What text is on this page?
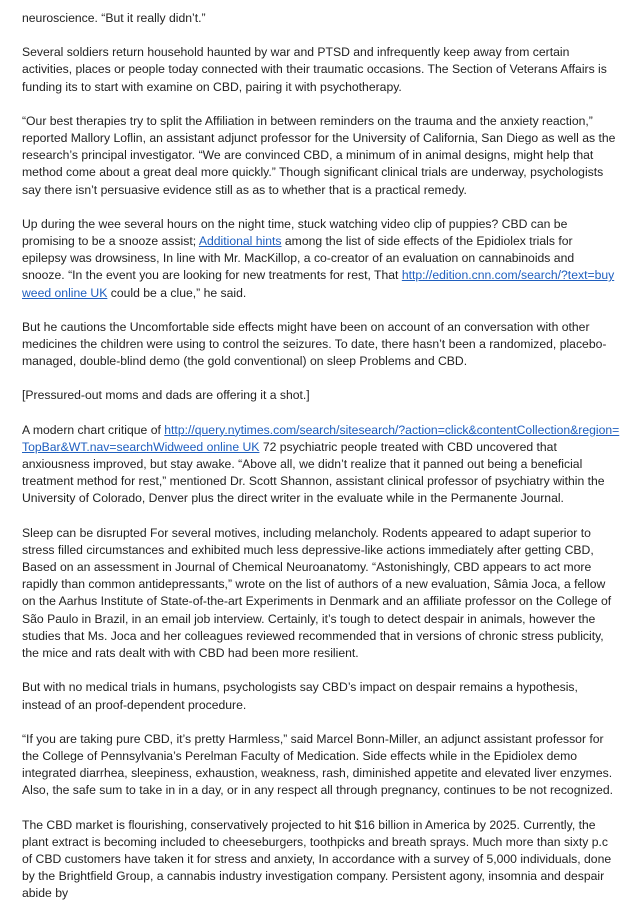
neuroscience. “But it really didn’t.”

Several soldiers return household haunted by war and PTSD and infrequently keep away from certain activities, places or people today connected with their traumatic occasions. The Section of Veterans Affairs is funding its to start with examine on CBD, pairing it with psychotherapy.

“Our best therapies try to split the Affiliation in between reminders on the trauma and the anxiety reaction,” reported Mallory Loflin, an assistant adjunct professor for the University of California, San Diego as well as the research’s principal investigator. “We are convinced CBD, a minimum of in animal designs, might help that method come about a great deal more quickly.” Though significant clinical trials are underway, psychologists say there isn’t persuasive evidence still as as to whether that is a practical remedy.

Up during the wee several hours on the night time, stuck watching video clip of puppies? CBD can be promising to be a snooze assist; Additional hints among the list of side effects of the Epidiolex trials for epilepsy was drowsiness, In line with Mr. MacKillop, a co-creator of an evaluation on cannabinoids and snooze. “In the event you are looking for new treatments for rest, That http://edition.cnn.com/search/?text=buy weed online UK could be a clue,” he said.

But he cautions the Uncomfortable side effects might have been on account of an conversation with other medicines the children were using to control the seizures. To date, there hasn’t been a randomized, placebo-managed, double-blind demo (the gold conventional) on sleep Problems and CBD.

[Pressured-out moms and dads are offering it a shot.]

A modern chart critique of http://query.nytimes.com/search/sitesearch/?action=click&contentCollection&region=TopBar&WT.nav=searchWidweed online UK 72 psychiatric people treated with CBD uncovered that anxiousness improved, but stay awake. “Above all, we didn’t realize that it panned out being a beneficial treatment method for rest,” mentioned Dr. Scott Shannon, assistant clinical professor of psychiatry within the University of Colorado, Denver plus the direct writer in the evaluate while in the Permanente Journal.

Sleep can be disrupted For several motives, including melancholy. Rodents appeared to adapt superior to stress filled circumstances and exhibited much less depressive-like actions immediately after getting CBD, Based on an assessment in Journal of Chemical Neuroanatomy. “Astonishingly, CBD appears to act more rapidly than common antidepressants,” wrote on the list of authors of a new evaluation, Sâmia Joca, a fellow on the Aarhus Institute of State-of-the-art Experiments in Denmark and an affiliate professor on the College of São Paulo in Brazil, in an email job interview. Certainly, it’s tough to detect despair in animals, however the studies that Ms. Joca and her colleagues reviewed recommended that in versions of chronic stress publicity, the mice and rats dealt with with CBD had been more resilient.

But with no medical trials in humans, psychologists say CBD’s impact on despair remains a hypothesis, instead of an proof-dependent procedure.

“If you are taking pure CBD, it’s pretty Harmless,” said Marcel Bonn-Miller, an adjunct assistant professor for the College of Pennsylvania’s Perelman Faculty of Medication. Side effects while in the Epidiolex demo integrated diarrhea, sleepiness, exhaustion, weakness, rash, diminished appetite and elevated liver enzymes. Also, the safe sum to take in in a day, or in any respect all through pregnancy, continues to be not recognized.

The CBD market is flourishing, conservatively projected to hit $16 billion in America by 2025. Currently, the plant extract is becoming included to cheeseburgers, toothpicks and breath sprays. Much more than sixty p.c of CBD customers have taken it for stress and anxiety, In accordance with a survey of 5,000 individuals, done by the Brightfield Group, a cannabis industry investigation company. Persistent agony, insomnia and despair abide by
